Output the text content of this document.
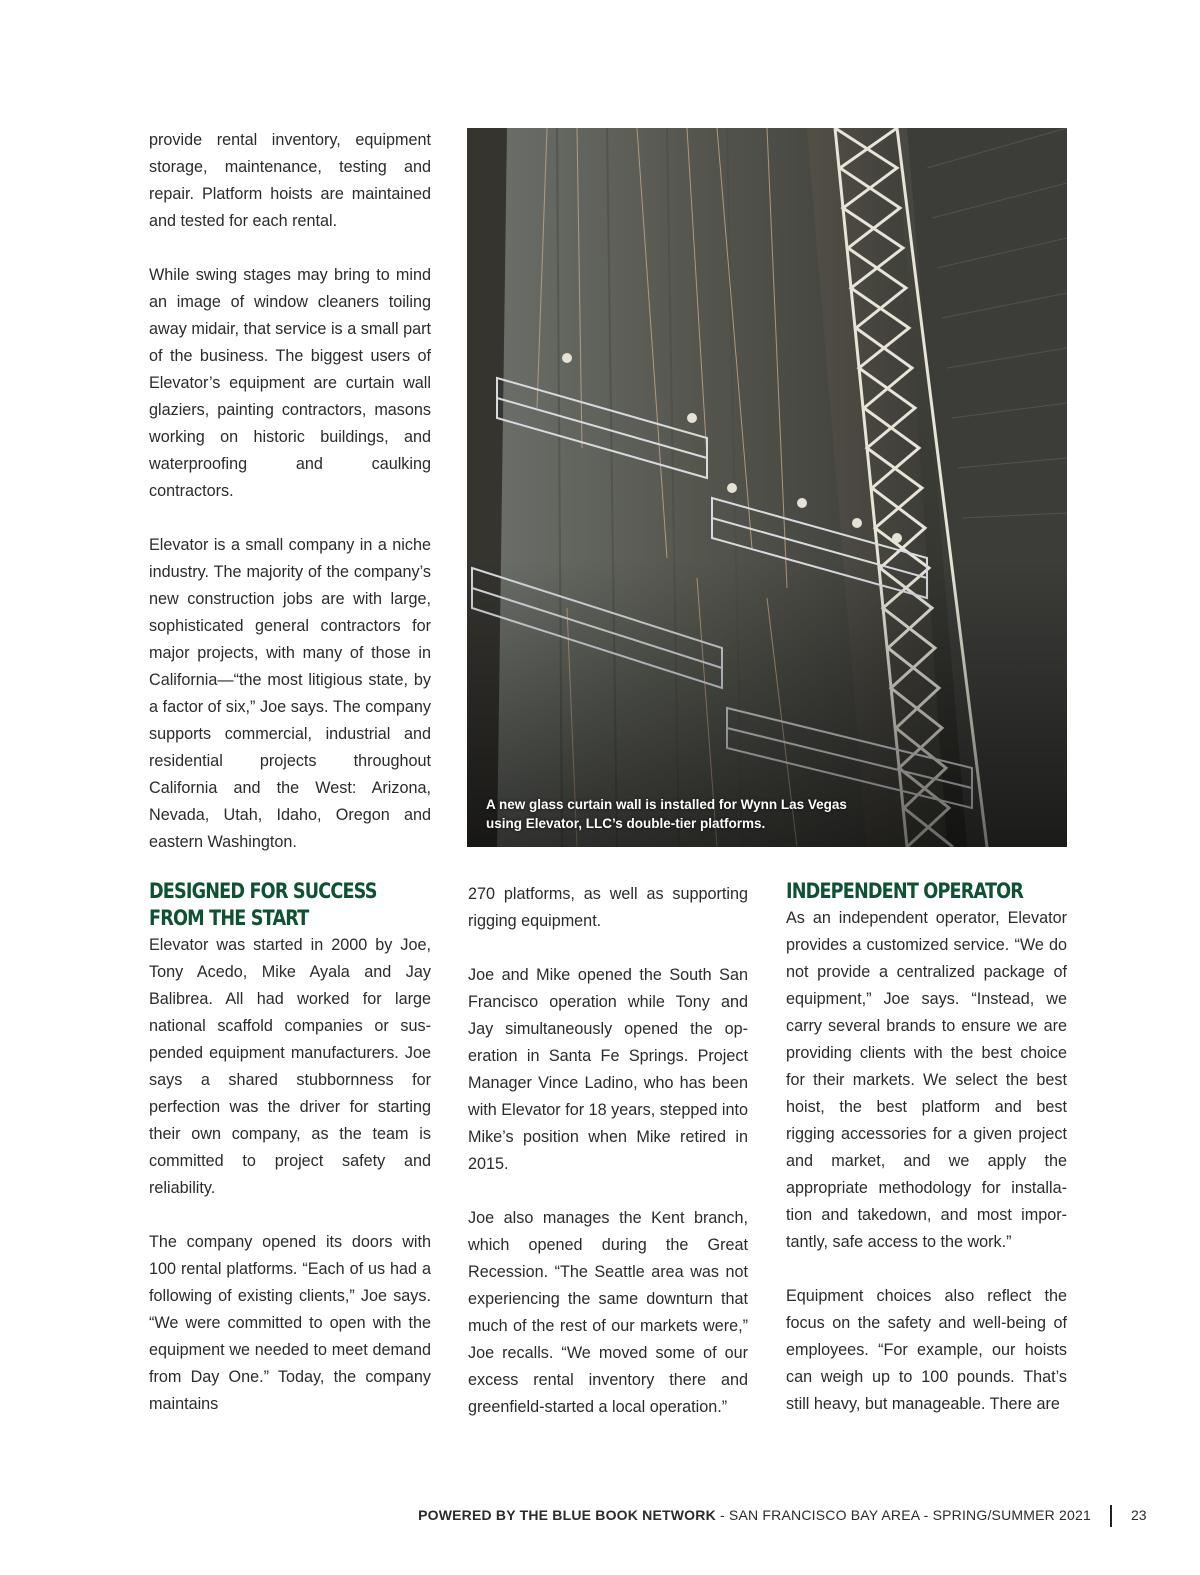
provide rental inventory, equipment storage, maintenance, testing and repair. Platform hoists are maintained and tested for each rental.

While swing stages may bring to mind an image of window cleaners toiling away midair, that service is a small part of the business. The biggest users of Elevator’s equipment are curtain wall glaziers, painting contractors, masons working on historic buildings, and waterproofing and caulking contractors.

Elevator is a small company in a niche industry. The majority of the company’s new construction jobs are with large, sophisticated general contractors for major projects, with many of those in California—“the most litigious state, by a factor of six,” Joe says. The company supports commercial, industrial and residential projects throughout California and the West: Arizona, Nevada, Utah, Idaho, Oregon and eastern Washington.

A new glass curtain wall is installed for Wynn Las Vegas
using Elevator, LLC’s double-tier platforms.
DESIGNED FOR SUCCESS
FROM THE START

Elevator was started in 2000 by Joe, Tony Acedo, Mike Ayala and Jay Balibrea. All had worked for large national scaffold companies or suspended equipment manufacturers. Joe says a shared stubbornness for perfection was the driver for starting their own company, as the team is committed to project safety and reliability.

The company opened its doors with 100 rental platforms. “Each of us had a following of existing clients,” Joe says. “We were committed to open with the equipment we needed to meet demand from Day One.” Today, the company maintains

270 platforms, as well as supporting rigging equipment.

Joe and Mike opened the South San Francisco operation while Tony and Jay simultaneously opened the operation in Santa Fe Springs. Project Manager Vince Ladino, who has been with Elevator for 18 years, stepped into Mike’s position when Mike retired in 2015.

Joe also manages the Kent branch, which opened during the Great Recession. “The Seattle area was not experiencing the same downturn that much of the rest of our markets were,” Joe recalls. “We moved some of our excess rental inventory there and greenfield-started a local operation.”

INDEPENDENT OPERATOR

As an independent operator, Elevator provides a customized service. “We do not provide a centralized package of equipment,” Joe says. “Instead, we carry several brands to ensure we are providing clients with the best choice for their markets. We select the best hoist, the best platform and best rigging accessories for a given project and market, and we apply the appropriate methodology for installation and takedown, and most importantly, safe access to the work.”

Equipment choices also reflect the focus on the safety and well-being of employees. “For example, our hoists can weigh up to 100 pounds. That’s still heavy, but manageable. There are

POWERED BY THE BLUE BOOK NETWORK - SAN FRANCISCO BAY AREA - SPRING/SUMMER 2021	23
